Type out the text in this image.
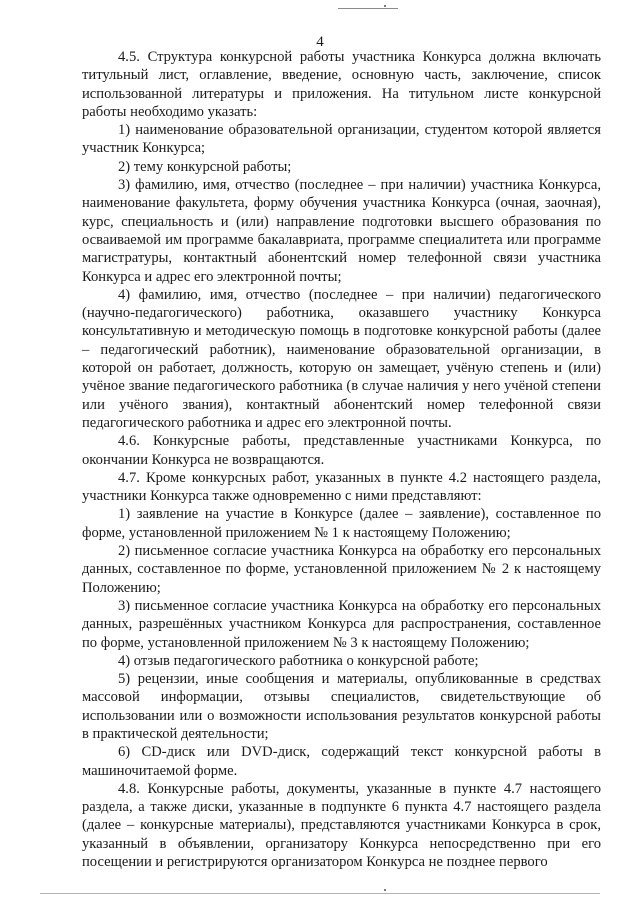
4

4.5. Структура конкурсной работы участника Конкурса должна включать титульный лист, оглавление, введение, основную часть, заключение, список использованной литературы и приложения. На титульном листе конкурсной работы необходимо указать:

1) наименование образовательной организации, студентом которой является участник Конкурса;

2) тему конкурсной работы;

3) фамилию, имя, отчество (последнее – при наличии) участника Конкурса, наименование факультета, форму обучения участника Конкурса (очная, заочная), курс, специальность и (или) направление подготовки высшего образования по осваиваемой им программе бакалавриата, программе специалитета или программе магистратуры, контактный абонентский номер телефонной связи участника Конкурса и адрес его электронной почты;

4) фамилию, имя, отчество (последнее – при наличии) педагогического (научно-педагогического) работника, оказавшего участнику Конкурса консультативную и методическую помощь в подготовке конкурсной работы (далее – педагогический работник), наименование образовательной организации, в которой он работает, должность, которую он замещает, учёную степень и (или) учёное звание педагогического работника (в случае наличия у него учёной степени или учёного звания), контактный абонентский номер телефонной связи педагогического работника и адрес его электронной почты.

4.6. Конкурсные работы, представленные участниками Конкурса, по окончании Конкурса не возвращаются.

4.7. Кроме конкурсных работ, указанных в пункте 4.2 настоящего раздела, участники Конкурса также одновременно с ними представляют:

1) заявление на участие в Конкурсе (далее – заявление), составленное по форме, установленной приложением № 1 к настоящему Положению;

2) письменное согласие участника Конкурса на обработку его персональных данных, составленное по форме, установленной приложением № 2 к настоящему Положению;

3) письменное согласие участника Конкурса на обработку его персональных данных, разрешённых участником Конкурса для распространения, составленное по форме, установленной приложением № 3 к настоящему Положению;

4) отзыв педагогического работника о конкурсной работе;

5) рецензии, иные сообщения и материалы, опубликованные в средствах массовой информации, отзывы специалистов, свидетельствующие об использовании или о возможности использования результатов конкурсной работы в практической деятельности;

6) CD-диск или DVD-диск, содержащий текст конкурсной работы в машиночитаемой форме.

4.8. Конкурсные работы, документы, указанные в пункте 4.7 настоящего раздела, а также диски, указанные в подпункте 6 пункта 4.7 настоящего раздела (далее – конкурсные материалы), представляются участниками Конкурса в срок, указанный в объявлении, организатору Конкурса непосредственно при его посещении и регистрируются организатором Конкурса не позднее первого
